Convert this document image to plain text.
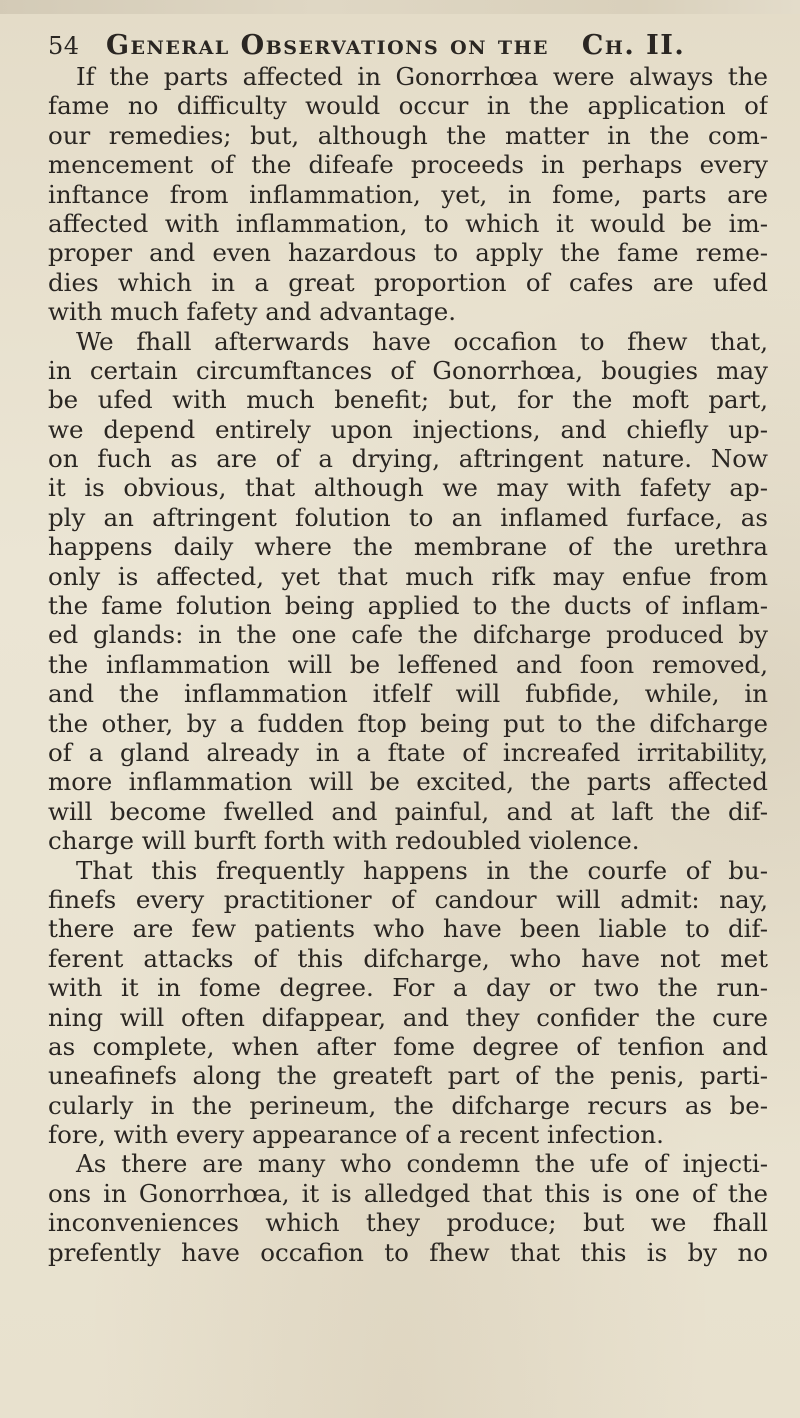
54 General Observations on the Ch. II.
If the parts affected in Gonorrhœa were always the
fame no difficulty would occur in the application of
our remedies; but, although the matter in the com-
mencement of the difeafe proceeds in perhaps every
inftance from inflammation, yet, in fome, parts are
affected with inflammation, to which it would be im-
proper and even hazardous to apply the fame reme-
dies which in a great proportion of cafes are ufed
with much fafety and advantage.
We fhall afterwards have occafion to fhew that,
in certain circumftances of Gonorrhœa, bougies may
be ufed with much benefit; but, for the moft part,
we depend entirely upon injections, and chiefly up-
on fuch as are of a drying, aftringent nature. Now
it is obvious, that although we may with fafety ap-
ply an aftringent folution to an inflamed furface, as
happens daily where the membrane of the urethra
only is affected, yet that much rifk may enfue from
the fame folution being applied to the ducts of inflam-
ed glands: in the one cafe the difcharge produced by
the inflammation will be leffened and foon removed,
and the inflammation itfelf will fubfide, while, in
the other, by a fudden ftop being put to the difcharge
of a gland already in a ftate of increafed irritability,
more inflammation will be excited, the parts affected
will become fwelled and painful, and at laft the dif-
charge will burft forth with redoubled violence.
That this frequently happens in the courfe of bu-
finefs every practitioner of candour will admit: nay,
there are few patients who have been liable to dif-
ferent attacks of this difcharge, who have not met
with it in fome degree. For a day or two the run-
ning will often difappear, and they confider the cure
as complete, when after fome degree of tenfion and
uneafinefs along the greateft part of the penis, parti-
cularly in the perineum, the difcharge recurs as be-
fore, with every appearance of a recent infection.
As there are many who condemn the ufe of injecti-
ons in Gonorrhœa, it is alledged that this is one of the
inconveniences which they produce; but we fhall
prefently have occafion to fhew that this is by no
